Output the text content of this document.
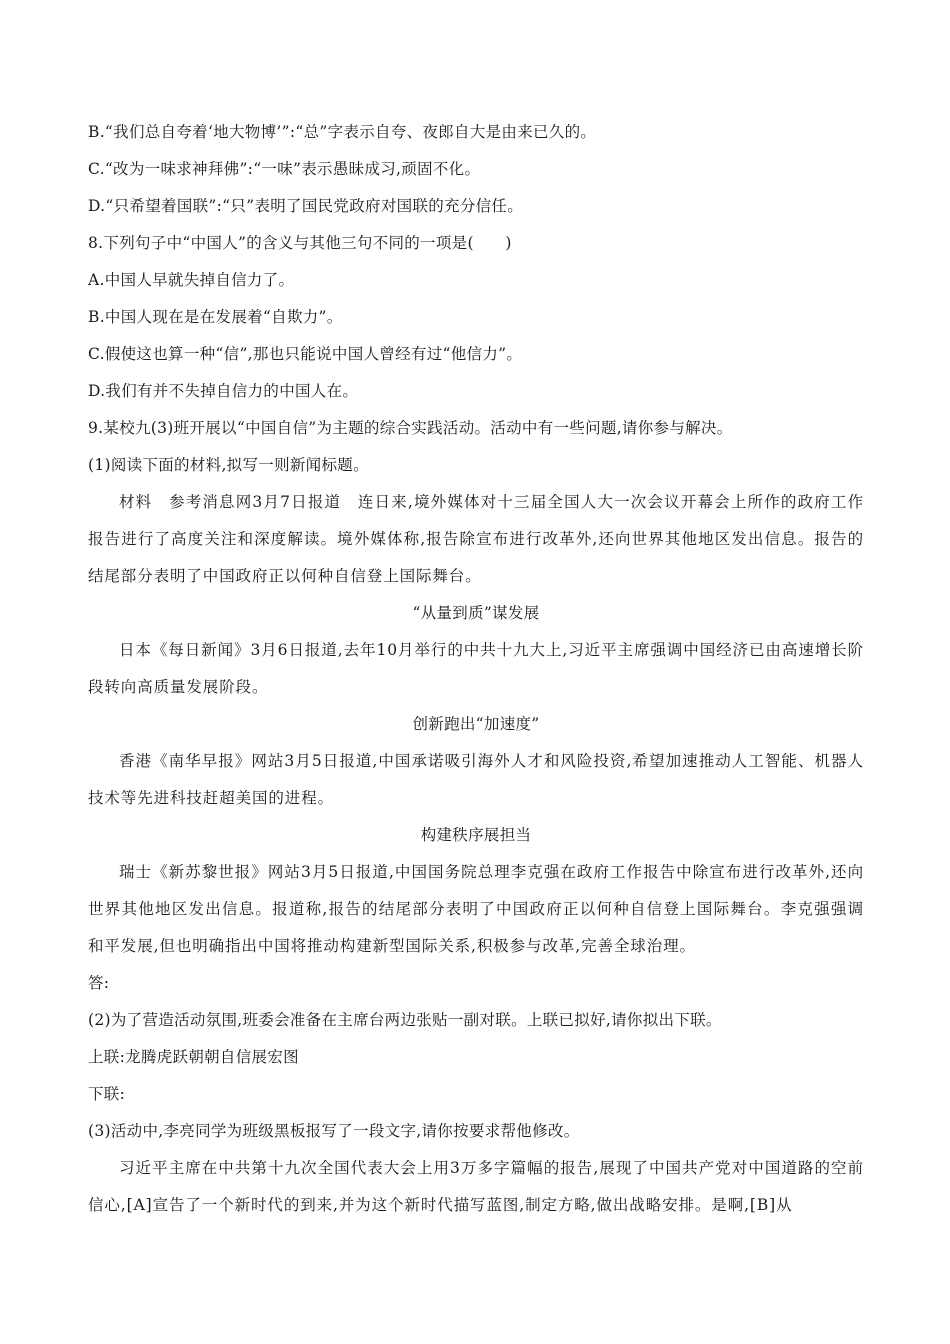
B.“我们总自夸着‘地大物博’”:“总”字表示自夸、夜郎自大是由来已久的。
C.“改为一味求神拜佛”:“一味”表示愚昧成习,顽固不化。
D.“只希望着国联”:“只”表明了国民党政府对国联的充分信任。
8.下列句子中“中国人”的含义与其他三句不同的一项是(　　)
A.中国人早就失掉自信力了。
B.中国人现在是在发展着“自欺力”。
C.假使这也算一种“信”,那也只能说中国人曾经有过“他信力”。
D.我们有并不失掉自信力的中国人在。
9.某校九(3)班开展以“中国自信”为主题的综合实践活动。活动中有一些问题,请你参与解决。
(1)阅读下面的材料,拟写一则新闻标题。
材料　参考消息网3月7日报道　连日来,境外媒体对十三届全国人大一次会议开幕会上所作的政府工作报告进行了高度关注和深度解读。境外媒体称,报告除宣布进行改革外,还向世界其他地区发出信息。报告的结尾部分表明了中国政府正以何种自信登上国际舞台。
“从量到质”谋发展
日本《每日新闻》3月6日报道,去年10月举行的中共十九大上,习近平主席强调中国经济已由高速增长阶段转向高质量发展阶段。
创新跑出“加速度”
香港《南华早报》网站3月5日报道,中国承诺吸引海外人才和风险投资,希望加速推动人工智能、机器人技术等先进科技赶超美国的进程。
构建秩序展担当
瑞士《新苏黎世报》网站3月5日报道,中国国务院总理李克强在政府工作报告中除宣布进行改革外,还向世界其他地区发出信息。报道称,报告的结尾部分表明了中国政府正以何种自信登上国际舞台。李克强强调和平发展,但也明确指出中国将推动构建新型国际关系,积极参与改革,完善全球治理。
答:
(2)为了营造活动氛围,班委会准备在主席台两边张贴一副对联。上联已拟好,请你拟出下联。
上联:龙腾虎跃朝朝自信展宏图
下联:
(3)活动中,李亮同学为班级黑板报写了一段文字,请你按要求帮他修改。
习近平主席在中共第十九次全国代表大会上用3万多字篇幅的报告,展现了中国共产党对中国道路的空前信心,[A]宣告了一个新时代的到来,并为这个新时代描写蓝图,制定方略,做出战略安排。是啊,[B]从
